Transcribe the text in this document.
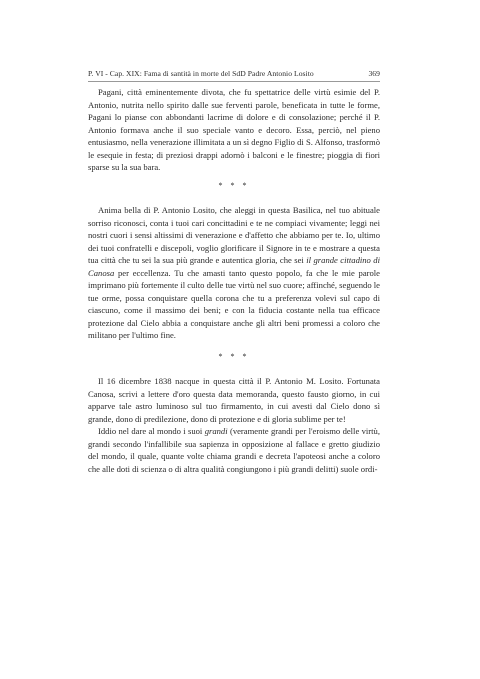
P. VI - Cap. XIX: Fama di santità in morte del SdD Padre Antonio Losito	369

Pagani, città eminentemente divota, che fu spettatrice delle virtù esimie del P. Antonio, nutrita nello spirito dalle sue ferventi parole, beneficata in tutte le forme, Pagani lo pianse con abbondanti lacrime di dolore e di consolazione; perché il P. Antonio formava anche il suo speciale vanto e decoro. Essa, perciò, nel pieno entusiasmo, nella venerazione illimitata a un sì degno Figlio di S. Alfonso, trasformò le esequie in festa; di preziosi drappi adornò i balconi e le finestre; pioggia di fiori sparse su la sua bara.

* * *

Anima bella di P. Antonio Losito, che aleggi in questa Basilica, nel tuo abituale sorriso riconosci, conta i tuoi cari concittadini e te ne compiaci vivamente; leggi nei nostri cuori i sensi altissimi di venerazione e d'affetto che abbiamo per te. Io, ultimo dei tuoi confratelli e discepoli, voglio glorificare il Signore in te e mostrare a questa tua città che tu sei la sua più grande e autentica gloria, che sei il grande cittadino di Canosa per eccellenza. Tu che amasti tanto questo popolo, fa che le mie parole imprimano più fortemente il culto delle tue virtù nel suo cuore; affinché, seguendo le tue orme, possa conquistare quella corona che tu a preferenza volevi sul capo di ciascuno, come il massimo dei beni; e con la fiducia costante nella tua efficace protezione dal Cielo abbia a conquistare anche gli altri beni promessi a coloro che militano per l'ultimo fine.

* * *

Il 16 dicembre 1838 nacque in questa città il P. Antonio M. Losito. Fortunata Canosa, scrivi a lettere d'oro questa data memoranda, questo fausto giorno, in cui apparve tale astro luminoso sul tuo firmamento, in cui avesti dal Cielo dono sì grande, dono di predilezione, dono di protezione e di gloria sublime per te!

Iddio nel dare al mondo i suoi grandi (veramente grandi per l'eroismo delle virtù, grandi secondo l'infallibile sua sapienza in opposizione al fallace e gretto giudizio del mondo, il quale, quante volte chiama grandi e decreta l'apoteosi anche a coloro che alle doti di scienza o di altra qualità congiungono i più grandi delitti) suole ordi-
